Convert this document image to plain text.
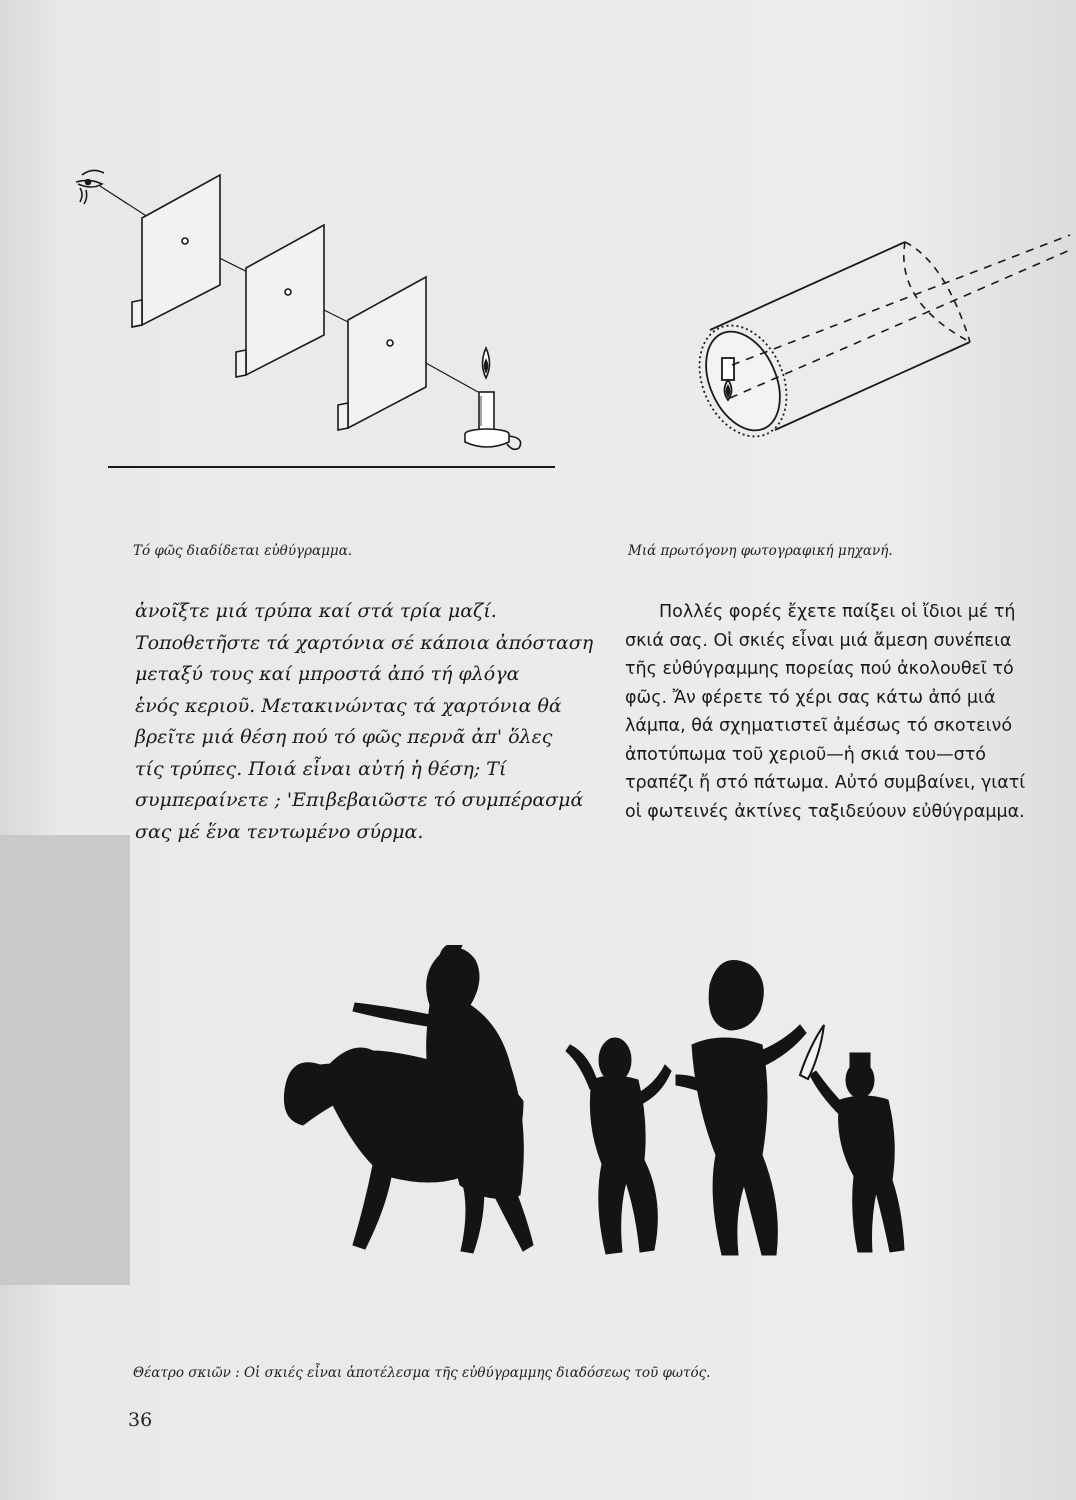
Τό φῶς διαδίδεται εὐθύγραμμα.	Μιά πρωτόγονη φωτογραφική μηχανή.
ἀνοῖξτε μιά τρύπα καί στά τρία μαζί.
Τοποθετῆστε τά χαρτόνια σέ κάποια ἀπόσταση
μεταξύ τους καί μπροστά ἀπό τή φλόγα
ἑνός κεριοῦ. Μετακινώντας τά χαρτόνια θά
βρεῖτε μιά θέση πού τό φῶς περνᾶ ἀπ' ὅλες
τίς τρύπες. Ποιά εἶναι αὐτή ἡ θέση; Τί
συμπεραίνετε ; 'Επιβεβαιῶστε τό συμπέρασμά
σας μέ ἕνα τεντωμένο σύρμα.
Πολλές φορές ἔχετε παίξει οἱ ἴδιοι μέ τή
σκιά σας. Οἱ σκιές εἶναι μιά ἄμεση συνέπεια
τῆς εὐθύγραμμης πορείας πού ἀκολουθεῖ τό
φῶς. Ἄν φέρετε τό χέρι σας κάτω ἀπό μιά
λάμπα, θά σχηματιστεῖ ἀμέσως τό σκοτεινό
ἀποτύπωμα τοῦ χεριοῦ—ἡ σκιά του—στό
τραπέζι ἤ στό πάτωμα. Αὐτό συμβαίνει, γιατί
οἱ φωτεινές ἀκτίνες ταξιδεύουν εὐθύγραμμα.
Θέατρο σκιῶν : Οἱ σκιές εἶναι ἀποτέλεσμα τῆς εὐθύγραμμης διαδόσεως τοῦ φωτός.
36
